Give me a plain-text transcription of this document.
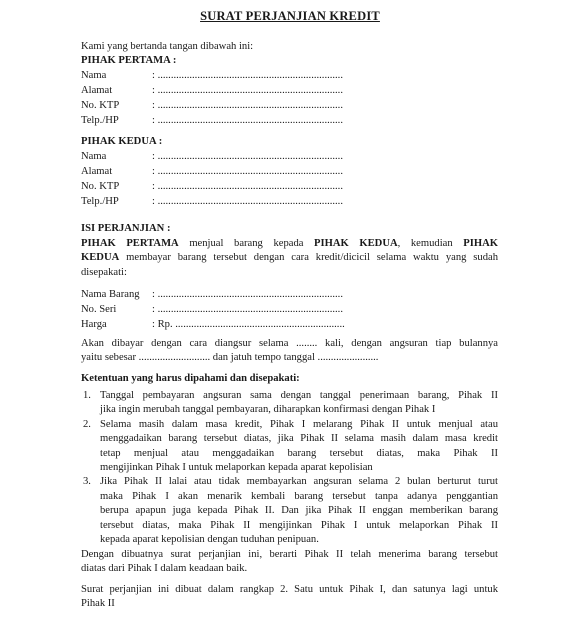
SURAT PERJANJIAN KREDIT
Kami yang bertanda tangan dibawah ini:
PIHAK PERTAMA :
Nama	: ......................................................................
Alamat	: ......................................................................
No. KTP	: ......................................................................
Telp./HP	: ......................................................................
PIHAK KEDUA :
Nama	: ......................................................................
Alamat	: ......................................................................
No. KTP	: ......................................................................
Telp./HP	: ......................................................................
ISI PERJANJIAN :
PIHAK PERTAMA menjual barang kepada PIHAK KEDUA, kemudian PIHAK
KEDUA membayar barang tersebut dengan cara kredit/dicicil selama waktu yang sudah
disepakati:
Nama Barang : ......................................................................
No. Seri	: ......................................................................
Harga	: Rp. ................................................................
Akan dibayar dengan cara diangsur selama ........ kali, dengan angsuran tiap bulannya
yaitu sebesar ........................... dan jatuh tempo tanggal .......................
Ketentuan yang harus dipahami dan disepakati:
1. Tanggal pembayaran angsuran sama dengan tanggal penerimaan barang, Pihak II
jika ingin merubah tanggal pembayaran, diharapkan konfirmasi dengan Pihak I
2. Selama masih dalam masa kredit, Pihak I melarang Pihak II untuk menjual atau
menggadaikan barang tersebut diatas, jika Pihak II selama masih dalam masa kredit
tetap menjual atau menggadaikan barang tersebut diatas, maka Pihak II
mengijinkan Pihak I untuk melaporkan kepada aparat kepolisian
3. Jika Pihak II lalai atau tidak membayarkan angsuran selama 2 bulan berturut turut
maka Pihak I akan menarik kembali barang tersebut tanpa adanya penggantian
berupa apapun juga kepada Pihak II. Dan jika Pihak II enggan memberikan barang
tersebut diatas, maka Pihak II mengijinkan Pihak I untuk melaporkan Pihak II
kepada aparat kepolisian dengan tuduhan penipuan.
Dengan dibuatnya surat perjanjian ini, berarti Pihak II telah menerima barang tersebut
diatas dari Pihak I dalam keadaan baik.
Surat perjanjian ini dibuat dalam rangkap 2. Satu untuk Pihak I, dan satunya lagi untuk
Pihak II
